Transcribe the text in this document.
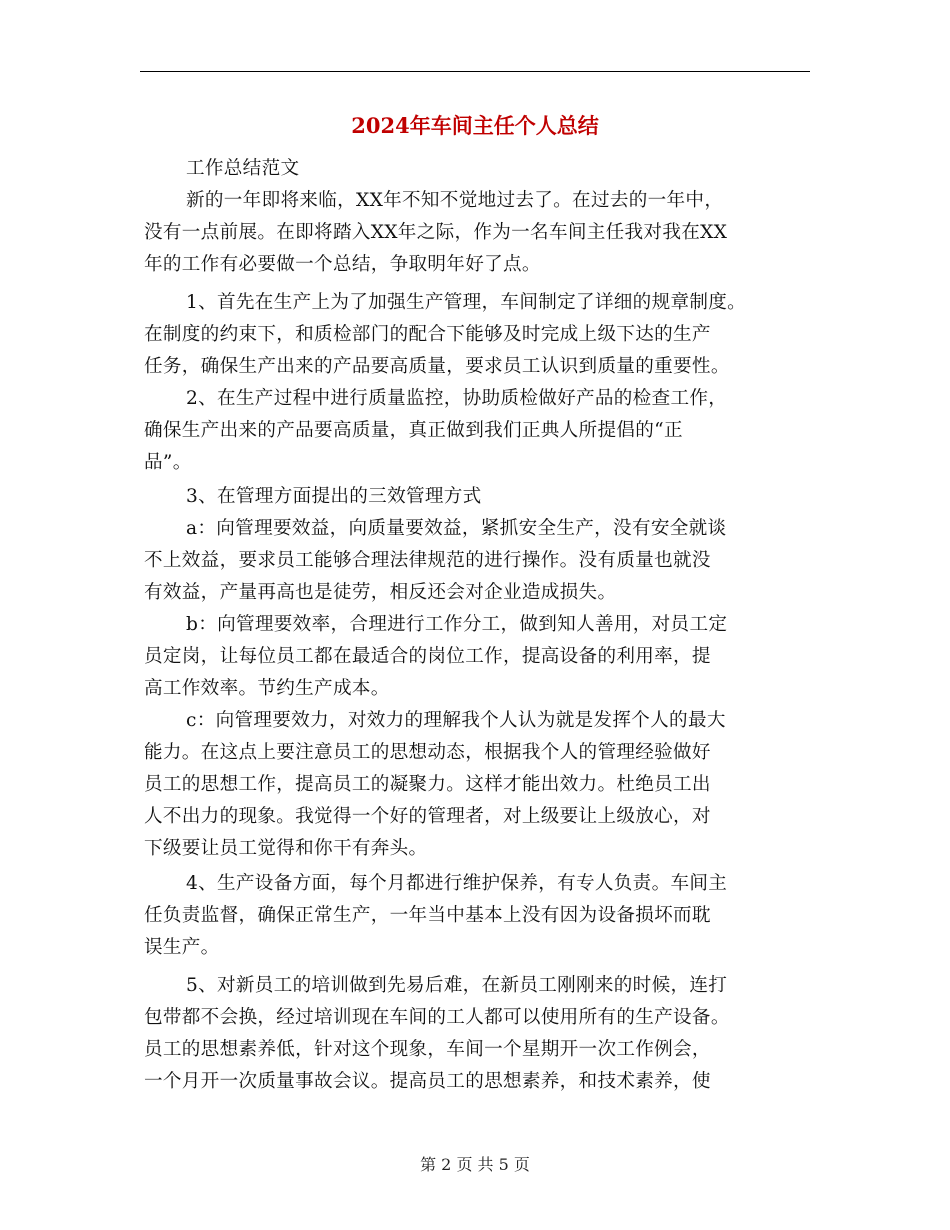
2024年车间主任个人总结
工作总结范文
新的一年即将来临，XX年不知不觉地过去了。在过去的一年中，
没有一点前展。在即将踏入XX年之际，作为一名车间主任我对我在XX
年的工作有必要做一个总结，争取明年好了点。
1、首先在生产上为了加强生产管理，车间制定了详细的规章制度。
在制度的约束下，和质检部门的配合下能够及时完成上级下达的生产
任务，确保生产出来的产品要高质量，要求员工认识到质量的重要性。
2、在生产过程中进行质量监控，协助质检做好产品的检查工作，
确保生产出来的产品要高质量，真正做到我们正典人所提倡的“正
品”。
3、在管理方面提出的三效管理方式
a：向管理要效益，向质量要效益，紧抓安全生产，没有安全就谈
不上效益，要求员工能够合理法律规范的进行操作。没有质量也就没
有效益，产量再高也是徒劳，相反还会对企业造成损失。
b：向管理要效率，合理进行工作分工，做到知人善用，对员工定
员定岗，让每位员工都在最适合的岗位工作，提高设备的利用率，提
高工作效率。节约生产成本。
c：向管理要效力，对效力的理解我个人认为就是发挥个人的最大
能力。在这点上要注意员工的思想动态，根据我个人的管理经验做好
员工的思想工作，提高员工的凝聚力。这样才能出效力。杜绝员工出
人不出力的现象。我觉得一个好的管理者，对上级要让上级放心，对
下级要让员工觉得和你干有奔头。
4、生产设备方面，每个月都进行维护保养，有专人负责。车间主
任负责监督，确保正常生产，一年当中基本上没有因为设备损坏而耽
误生产。
5、对新员工的培训做到先易后难，在新员工刚刚来的时候，连打
包带都不会换，经过培训现在车间的工人都可以使用所有的生产设备。
员工的思想素养低，针对这个现象，车间一个星期开一次工作例会，
一个月开一次质量事故会议。提高员工的思想素养，和技术素养，使
第 2 页 共 5 页
